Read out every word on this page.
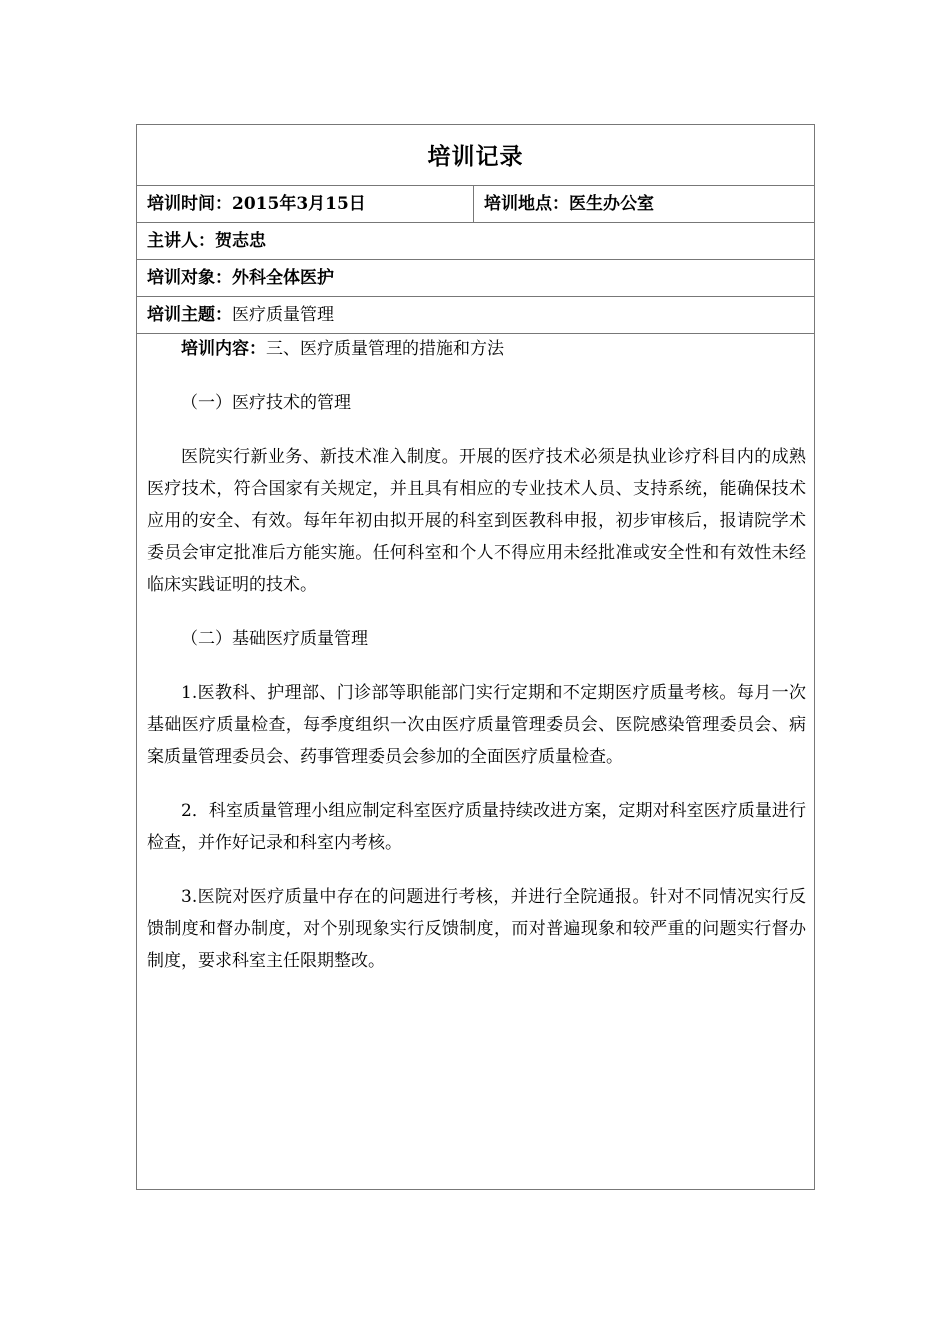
培训记录
培训时间：2015年3月15日	培训地点：医生办公室
主讲人：贺志忠
培训对象：外科全体医护
培训主题：医疗质量管理

培训内容：三、医疗质量管理的措施和方法

（一）医疗技术的管理

医院实行新业务、新技术准入制度。开展的医疗技术必须是执业诊疗科目内的成熟医疗技术，符合国家有关规定，并且具有相应的专业技术人员、支持系统，能确保技术应用的安全、有效。每年年初由拟开展的科室到医教科申报，初步审核后，报请院学术委员会审定批准后方能实施。任何科室和个人不得应用未经批准或安全性和有效性未经临床实践证明的技术。

（二）基础医疗质量管理

1.医教科、护理部、门诊部等职能部门实行定期和不定期医疗质量考核。每月一次基础医疗质量检查，每季度组织一次由医疗质量管理委员会、医院感染管理委员会、病案质量管理委员会、药事管理委员会参加的全面医疗质量检查。

2．科室质量管理小组应制定科室医疗质量持续改进方案，定期对科室医疗质量进行检查，并作好记录和科室内考核。

3.医院对医疗质量中存在的问题进行考核，并进行全院通报。针对不同情况实行反馈制度和督办制度，对个别现象实行反馈制度，而对普遍现象和较严重的问题实行督办制度，要求科室主任限期整改。
